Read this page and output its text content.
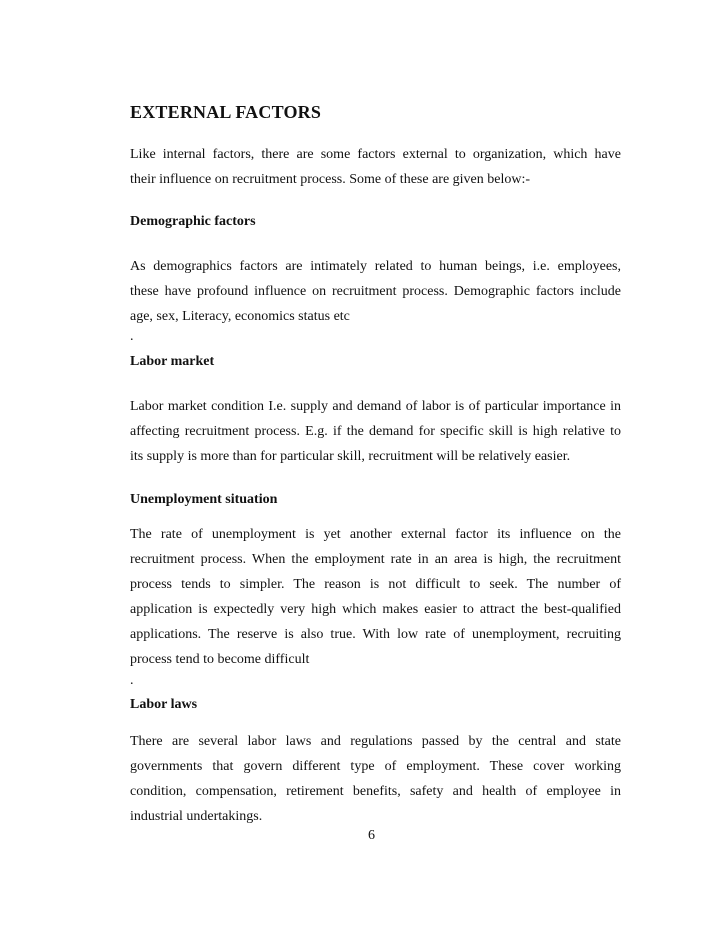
EXTERNAL FACTORS
Like internal factors, there are some factors external to organization, which have
their influence on recruitment process. Some of these are given below:-
Demographic factors
As demographics factors are intimately related to human beings, i.e. employees,
these have profound influence on recruitment process. Demographic factors include
age, sex, Literacy, economics status etc

.

Labor market
Labor market condition I.e. supply and demand of labor is of particular importance in
affecting recruitment process. E.g. if the demand for specific skill is high relative to
its supply is more than for particular skill, recruitment will be relatively easier.
Unemployment situation
The rate of unemployment is yet another external factor its influence on the
recruitment process. When the employment rate in an area is high, the recruitment
process tends to simpler. The reason is not difficult to seek. The number of
application is expectedly very high which makes easier to attract the best-qualified
applications. The reserve is also true. With low rate of unemployment, recruiting
process tend to become difficult

.

Labor laws
There are several labor laws and regulations passed by the central and state
governments that govern different type of employment. These cover working
condition, compensation, retirement benefits, safety and health of employee in
industrial undertakings.

6
